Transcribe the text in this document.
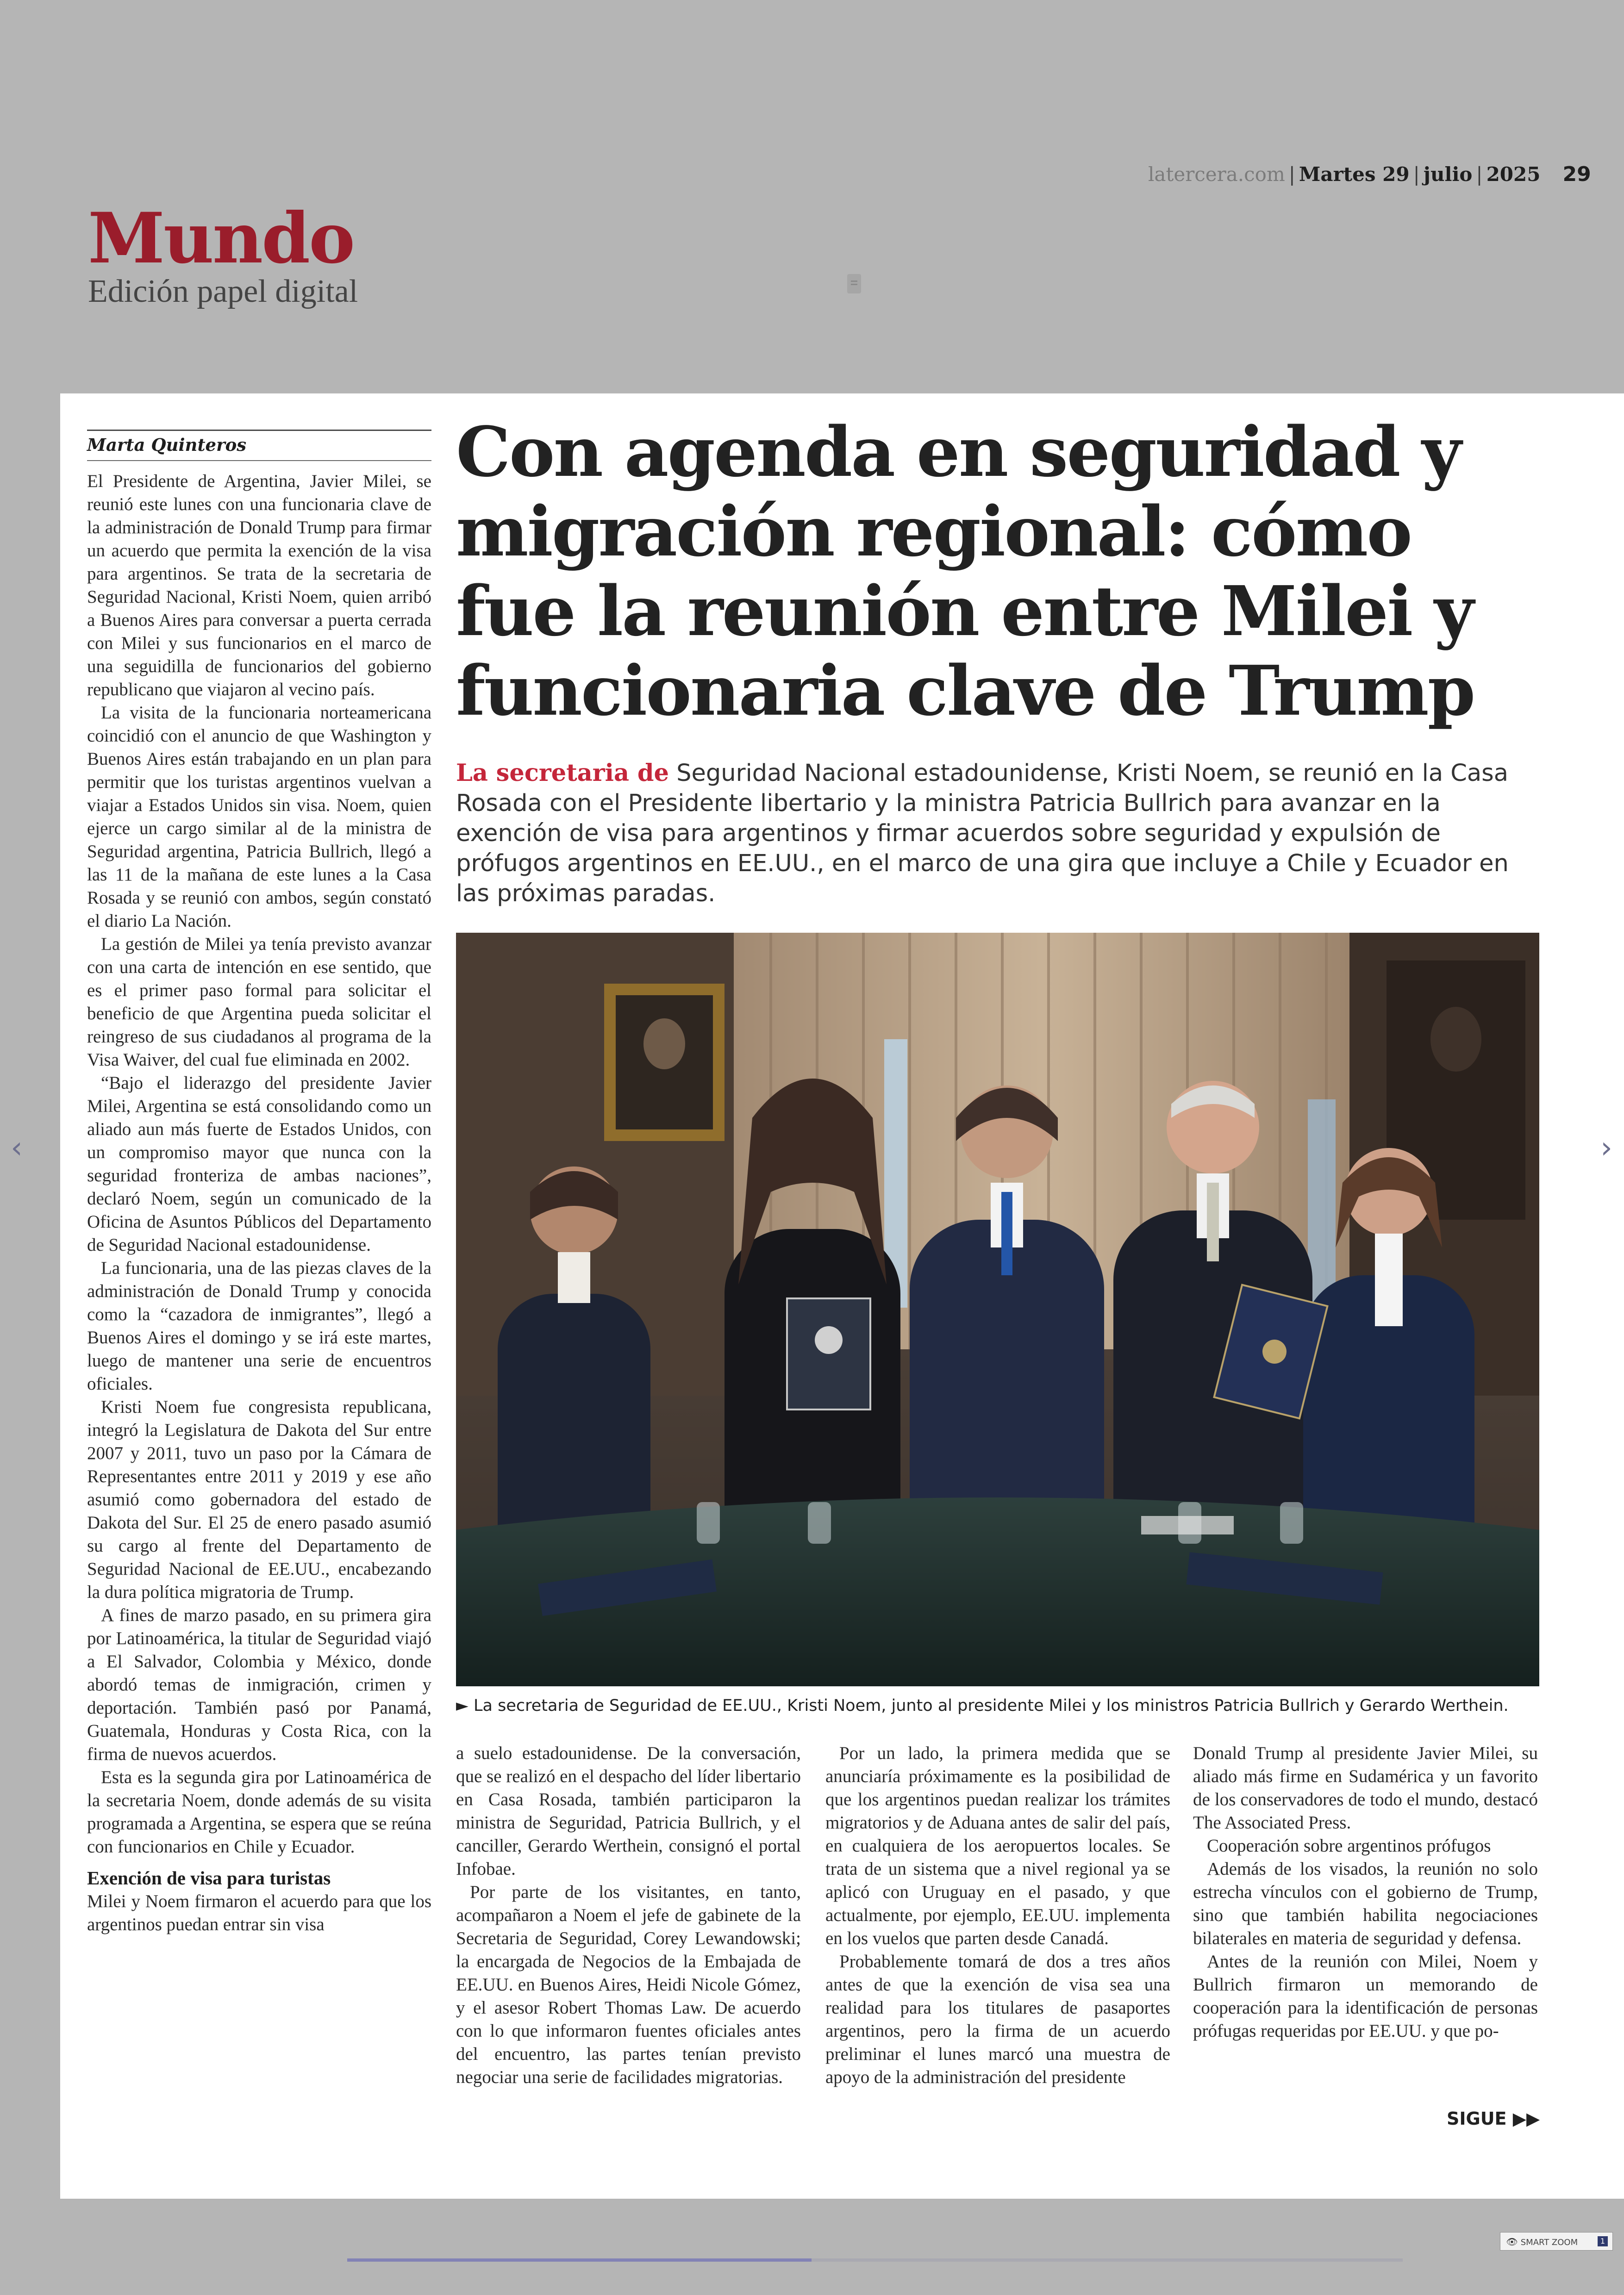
latercera.com | Martes 29 | julio | 2025 29
Mundo
Edición papel digital
Marta Quinteros

El Presidente de Argentina, Javier Milei, se reunió este lunes con una funcionaria clave de la administración de Donald Trump para firmar un acuerdo que permita la exención de la visa para argentinos. Se trata de la secretaria de Seguridad Nacional, Kristi Noem, quien arribó a Buenos Aires para conversar a puerta cerrada con Milei y sus funcionarios en el marco de una seguidilla de funcionarios del gobierno republicano que viajaron al vecino país.

La visita de la funcionaria norteamericana coincidió con el anuncio de que Washington y Buenos Aires están trabajando en un plan para permitir que los turistas argentinos vuelvan a viajar a Estados Unidos sin visa. Noem, quien ejerce un cargo similar al de la ministra de Seguridad argentina, Patricia Bullrich, llegó a las 11 de la mañana de este lunes a la Casa Rosada y se reunió con ambos, según constató el diario La Nación.

La gestión de Milei ya tenía previsto avanzar con una carta de intención en ese sentido, que es el primer paso formal para solicitar el beneficio de que Argentina pueda solicitar el reingreso de sus ciudadanos al programa de la Visa Waiver, del cual fue eliminada en 2002.

“Bajo el liderazgo del presidente Javier Milei, Argentina se está consolidando como un aliado aun más fuerte de Estados Unidos, con un compromiso mayor que nunca con la seguridad fronteriza de ambas naciones”, declaró Noem, según un comunicado de la Oficina de Asuntos Públicos del Departamento de Seguridad Nacional estadounidense.

La funcionaria, una de las piezas claves de la administración de Donald Trump y conocida como la “cazadora de inmigrantes”, llegó a Buenos Aires el domingo y se irá este martes, luego de mantener una serie de encuentros oficiales.

Kristi Noem fue congresista republicana, integró la Legislatura de Dakota del Sur entre 2007 y 2011, tuvo un paso por la Cámara de Representantes entre 2011 y 2019 y ese año asumió como gobernadora del estado de Dakota del Sur. El 25 de enero pasado asumió su cargo al frente del Departamento de Seguridad Nacional de EE.UU., encabezando la dura política migratoria de Trump.

A fines de marzo pasado, en su primera gira por Latinoamérica, la titular de Seguridad viajó a El Salvador, Colombia y México, donde abordó temas de inmigración, crimen y deportación. También pasó por Panamá, Guatemala, Honduras y Costa Rica, con la firma de nuevos acuerdos.

Esta es la segunda gira por Latinoamérica de la secretaria Noem, donde además de su visita programada a Argentina, se espera que se reúna con funcionarios en Chile y Ecuador.

Exención de visa para turistas

Milei y Noem firmaron el acuerdo para que los argentinos puedan entrar sin visa

Con agenda en seguridad y migración regional: cómo fue la reunión entre Milei y funcionaria clave de Trump
La secretaria de Seguridad Nacional estadounidense, Kristi Noem, se reunió en la Casa Rosada con el Presidente libertario y la ministra Patricia Bullrich para avanzar en la exención de visa para argentinos y firmar acuerdos sobre seguridad y expulsión de prófugos argentinos en EE.UU., en el marco de una gira que incluye a Chile y Ecuador en las próximas paradas.
► La secretaria de Seguridad de EE.UU., Kristi Noem, junto al presidente Milei y los ministros Patricia Bullrich y Gerardo Werthein.

a suelo estadounidense. De la conversación, que se realizó en el despacho del líder libertario en Casa Rosada, también participaron la ministra de Seguridad, Patricia Bullrich, y el canciller, Gerardo Werthein, consignó el portal Infobae.

Por parte de los visitantes, en tanto, acompañaron a Noem el jefe de gabinete de la Secretaria de Seguridad, Corey Lewandowski; la encargada de Negocios de la Embajada de EE.UU. en Buenos Aires, Heidi Nicole Gómez, y el asesor Robert Thomas Law. De acuerdo con lo que informaron fuentes oficiales antes del encuentro, las partes tenían previsto negociar una serie de facilidades migratorias.

Por un lado, la primera medida que se anunciaría próximamente es la posibilidad de que los argentinos puedan realizar los trámites migratorios y de Aduana antes de salir del país, en cualquiera de los aeropuertos locales. Se trata de un sistema que a nivel regional ya se aplicó con Uruguay en el pasado, y que actualmente, por ejemplo, EE.UU. implementa en los vuelos que parten desde Canadá.

Probablemente tomará de dos a tres años antes de que la exención de visa sea una realidad para los titulares de pasaportes argentinos, pero la firma de un acuerdo preliminar el lunes marcó una muestra de apoyo de la administración del presidente

Donald Trump al presidente Javier Milei, su aliado más firme en Sudamérica y un favorito de los conservadores de todo el mundo, destacó The Associated Press.

Cooperación sobre argentinos prófugos

Además de los visados, la reunión no solo estrecha vínculos con el gobierno de Trump, sino que también habilita negociaciones bilaterales en materia de seguridad y defensa.

Antes de la reunión con Milei, Noem y Bullrich firmaron un memorando de cooperación para la identificación de personas prófugas requeridas por EE.UU. y que po-

SIGUE ▶▶
‹	›
👁 SMART ZOOM	1
